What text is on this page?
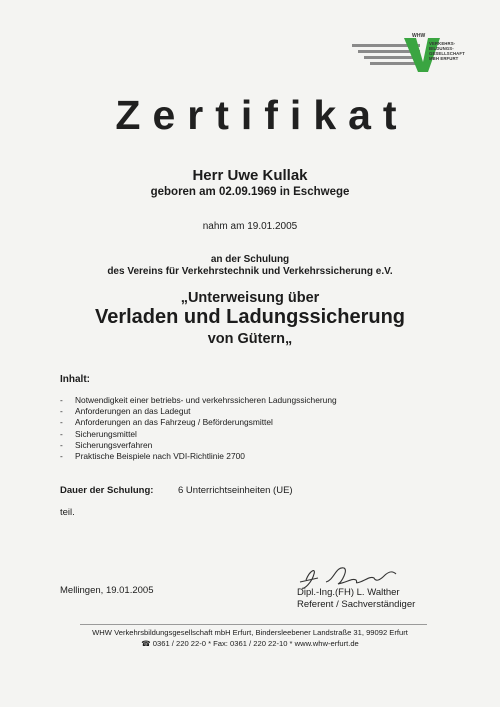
WHW
VERKEHRS-
BILDUNGS-
GESELLSCHAFT
MBH ERFURT
Zertifikat
Herr Uwe Kullak
geboren am 02.09.1969 in Eschwege
nahm am 19.01.2005
an der Schulung
des Vereins für Verkehrstechnik und Verkehrssicherung e.V.
„Unterweisung über
Verladen und Ladungssicherung
von Gütern„
Inhalt:
- Notwendigkeit einer betriebs- und verkehrssicheren Ladungssicherung
- Anforderungen an das Ladegut
- Anforderungen an das Fahrzeug / Beförderungsmittel
- Sicherungsmittel
- Sicherungsverfahren
- Praktische Beispiele nach VDI-Richtlinie 2700
Dauer der Schulung:	6 Unterrichtseinheiten (UE)
teil.
Mellingen, 19.01.2005	Dipl.-Ing.(FH) L. Walther
Referent / Sachverständiger
WHW Verkehrsbildungsgesellschaft mbH Erfurt, Bindersleebener Landstraße 31, 99092 Erfurt
☎ 0361 / 220 22-0 * Fax: 0361 / 220 22-10 * www.whw-erfurt.de
